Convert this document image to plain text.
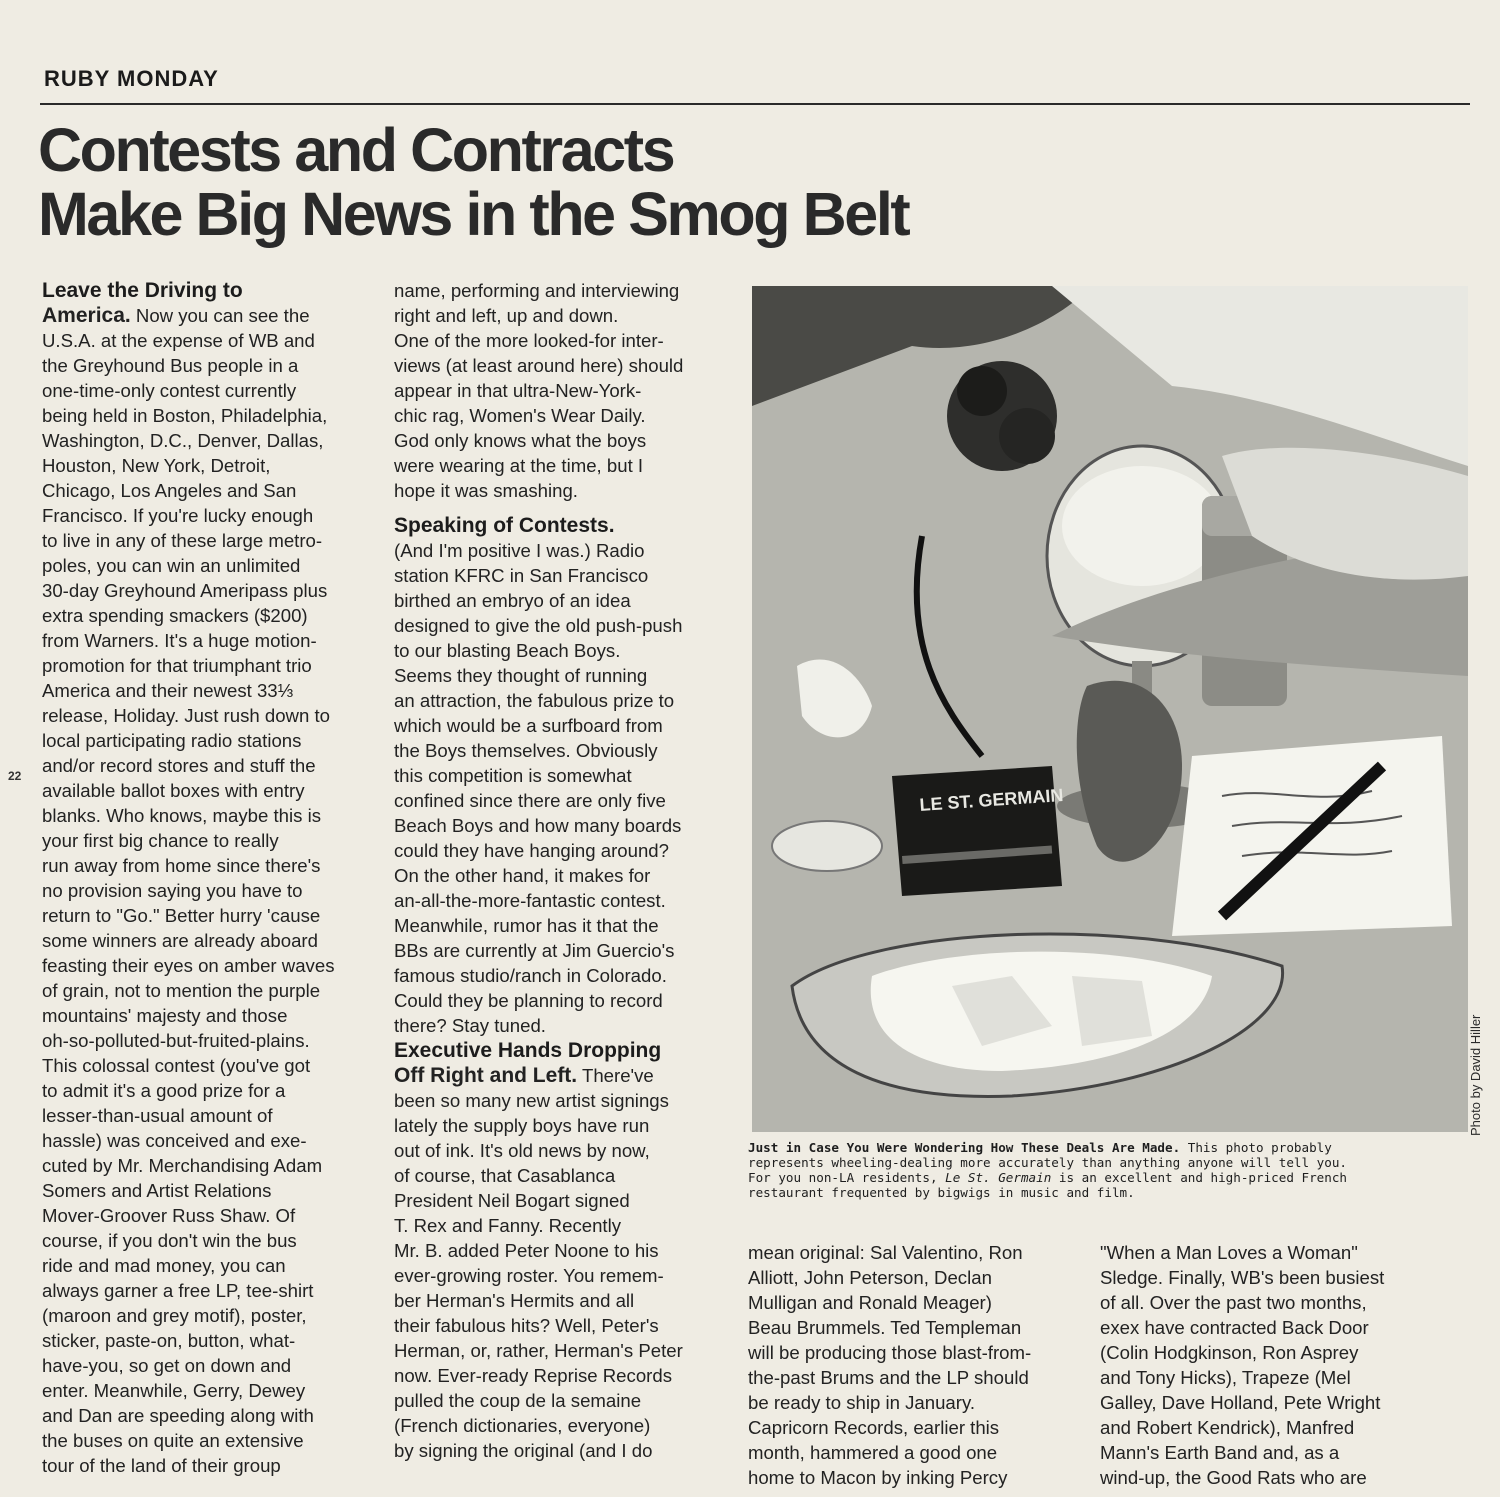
RUBY MONDAY
Contests and Contracts
Make Big News in the Smog Belt
22
Leave the Driving to
America. Now you can see the
U.S.A. at the expense of WB and
the Greyhound Bus people in a
one-time-only contest currently
being held in Boston, Philadelphia,
Washington, D.C., Denver, Dallas,
Houston, New York, Detroit,
Chicago, Los Angeles and San
Francisco. If you're lucky enough
to live in any of these large metro-
poles, you can win an unlimited
30-day Greyhound Ameripass plus
extra spending smackers ($200)
from Warners. It's a huge motion-
promotion for that triumphant trio
America and their newest 33⅓
release, Holiday. Just rush down to
local participating radio stations
and/or record stores and stuff the
available ballot boxes with entry
blanks. Who knows, maybe this is
your first big chance to really
run away from home since there's
no provision saying you have to
return to "Go." Better hurry 'cause
some winners are already aboard
feasting their eyes on amber waves
of grain, not to mention the purple
mountains' majesty and those
oh-so-polluted-but-fruited-plains.
This colossal contest (you've got
to admit it's a good prize for a
lesser-than-usual amount of
hassle) was conceived and exe-
cuted by Mr. Merchandising Adam
Somers and Artist Relations
Mover-Groover Russ Shaw. Of
course, if you don't win the bus
ride and mad money, you can
always garner a free LP, tee-shirt
(maroon and grey motif), poster,
sticker, paste-on, button, what-
have-you, so get on down and
enter. Meanwhile, Gerry, Dewey
and Dan are speeding along with
the buses on quite an extensive
tour of the land of their group
name, performing and interviewing
right and left, up and down.
One of the more looked-for inter-
views (at least around here) should
appear in that ultra-New-York-
chic rag, Women's Wear Daily.
God only knows what the boys
were wearing at the time, but I
hope it was smashing.
Speaking of Contests.
(And I'm positive I was.) Radio
station KFRC in San Francisco
birthed an embryo of an idea
designed to give the old push-push
to our blasting Beach Boys.
Seems they thought of running
an attraction, the fabulous prize to
which would be a surfboard from
the Boys themselves. Obviously
this competition is somewhat
confined since there are only five
Beach Boys and how many boards
could they have hanging around?
On the other hand, it makes for
an-all-the-more-fantastic contest.
Meanwhile, rumor has it that the
BBs are currently at Jim Guercio's
famous studio/ranch in Colorado.
Could they be planning to record
there? Stay tuned.
Executive Hands Dropping
Off Right and Left. There've
been so many new artist signings
lately the supply boys have run
out of ink. It's old news by now,
of course, that Casablanca
President Neil Bogart signed
T. Rex and Fanny. Recently
Mr. B. added Peter Noone to his
ever-growing roster. You remem-
ber Herman's Hermits and all
their fabulous hits? Well, Peter's
Herman, or, rather, Herman's Peter
now. Ever-ready Reprise Records
pulled the coup de la semaine
(French dictionaries, everyone)
by signing the original (and I do
mean original: Sal Valentino, Ron
Alliott, John Peterson, Declan
Mulligan and Ronald Meager)
Beau Brummels. Ted Templeman
will be producing those blast-from-
the-past Brums and the LP should
be ready to ship in January.
Capricorn Records, earlier this
month, hammered a good one
home to Macon by inking Percy
"When a Man Loves a Woman"
Sledge. Finally, WB's been busiest
of all. Over the past two months,
exex have contracted Back Door
(Colin Hodgkinson, Ron Asprey
and Tony Hicks), Trapeze (Mel
Galley, Dave Holland, Pete Wright
and Robert Kendrick), Manfred
Mann's Earth Band and, as a
wind-up, the Good Rats who are
LE ST. GERMAIN
Photo by David Hiller
Just in Case You Were Wondering How These Deals Are Made. This photo probably
represents wheeling-dealing more accurately than anything anyone will tell you.
For you non-LA residents, Le St. Germain is an excellent and high-priced French
restaurant frequented by bigwigs in music and film.
